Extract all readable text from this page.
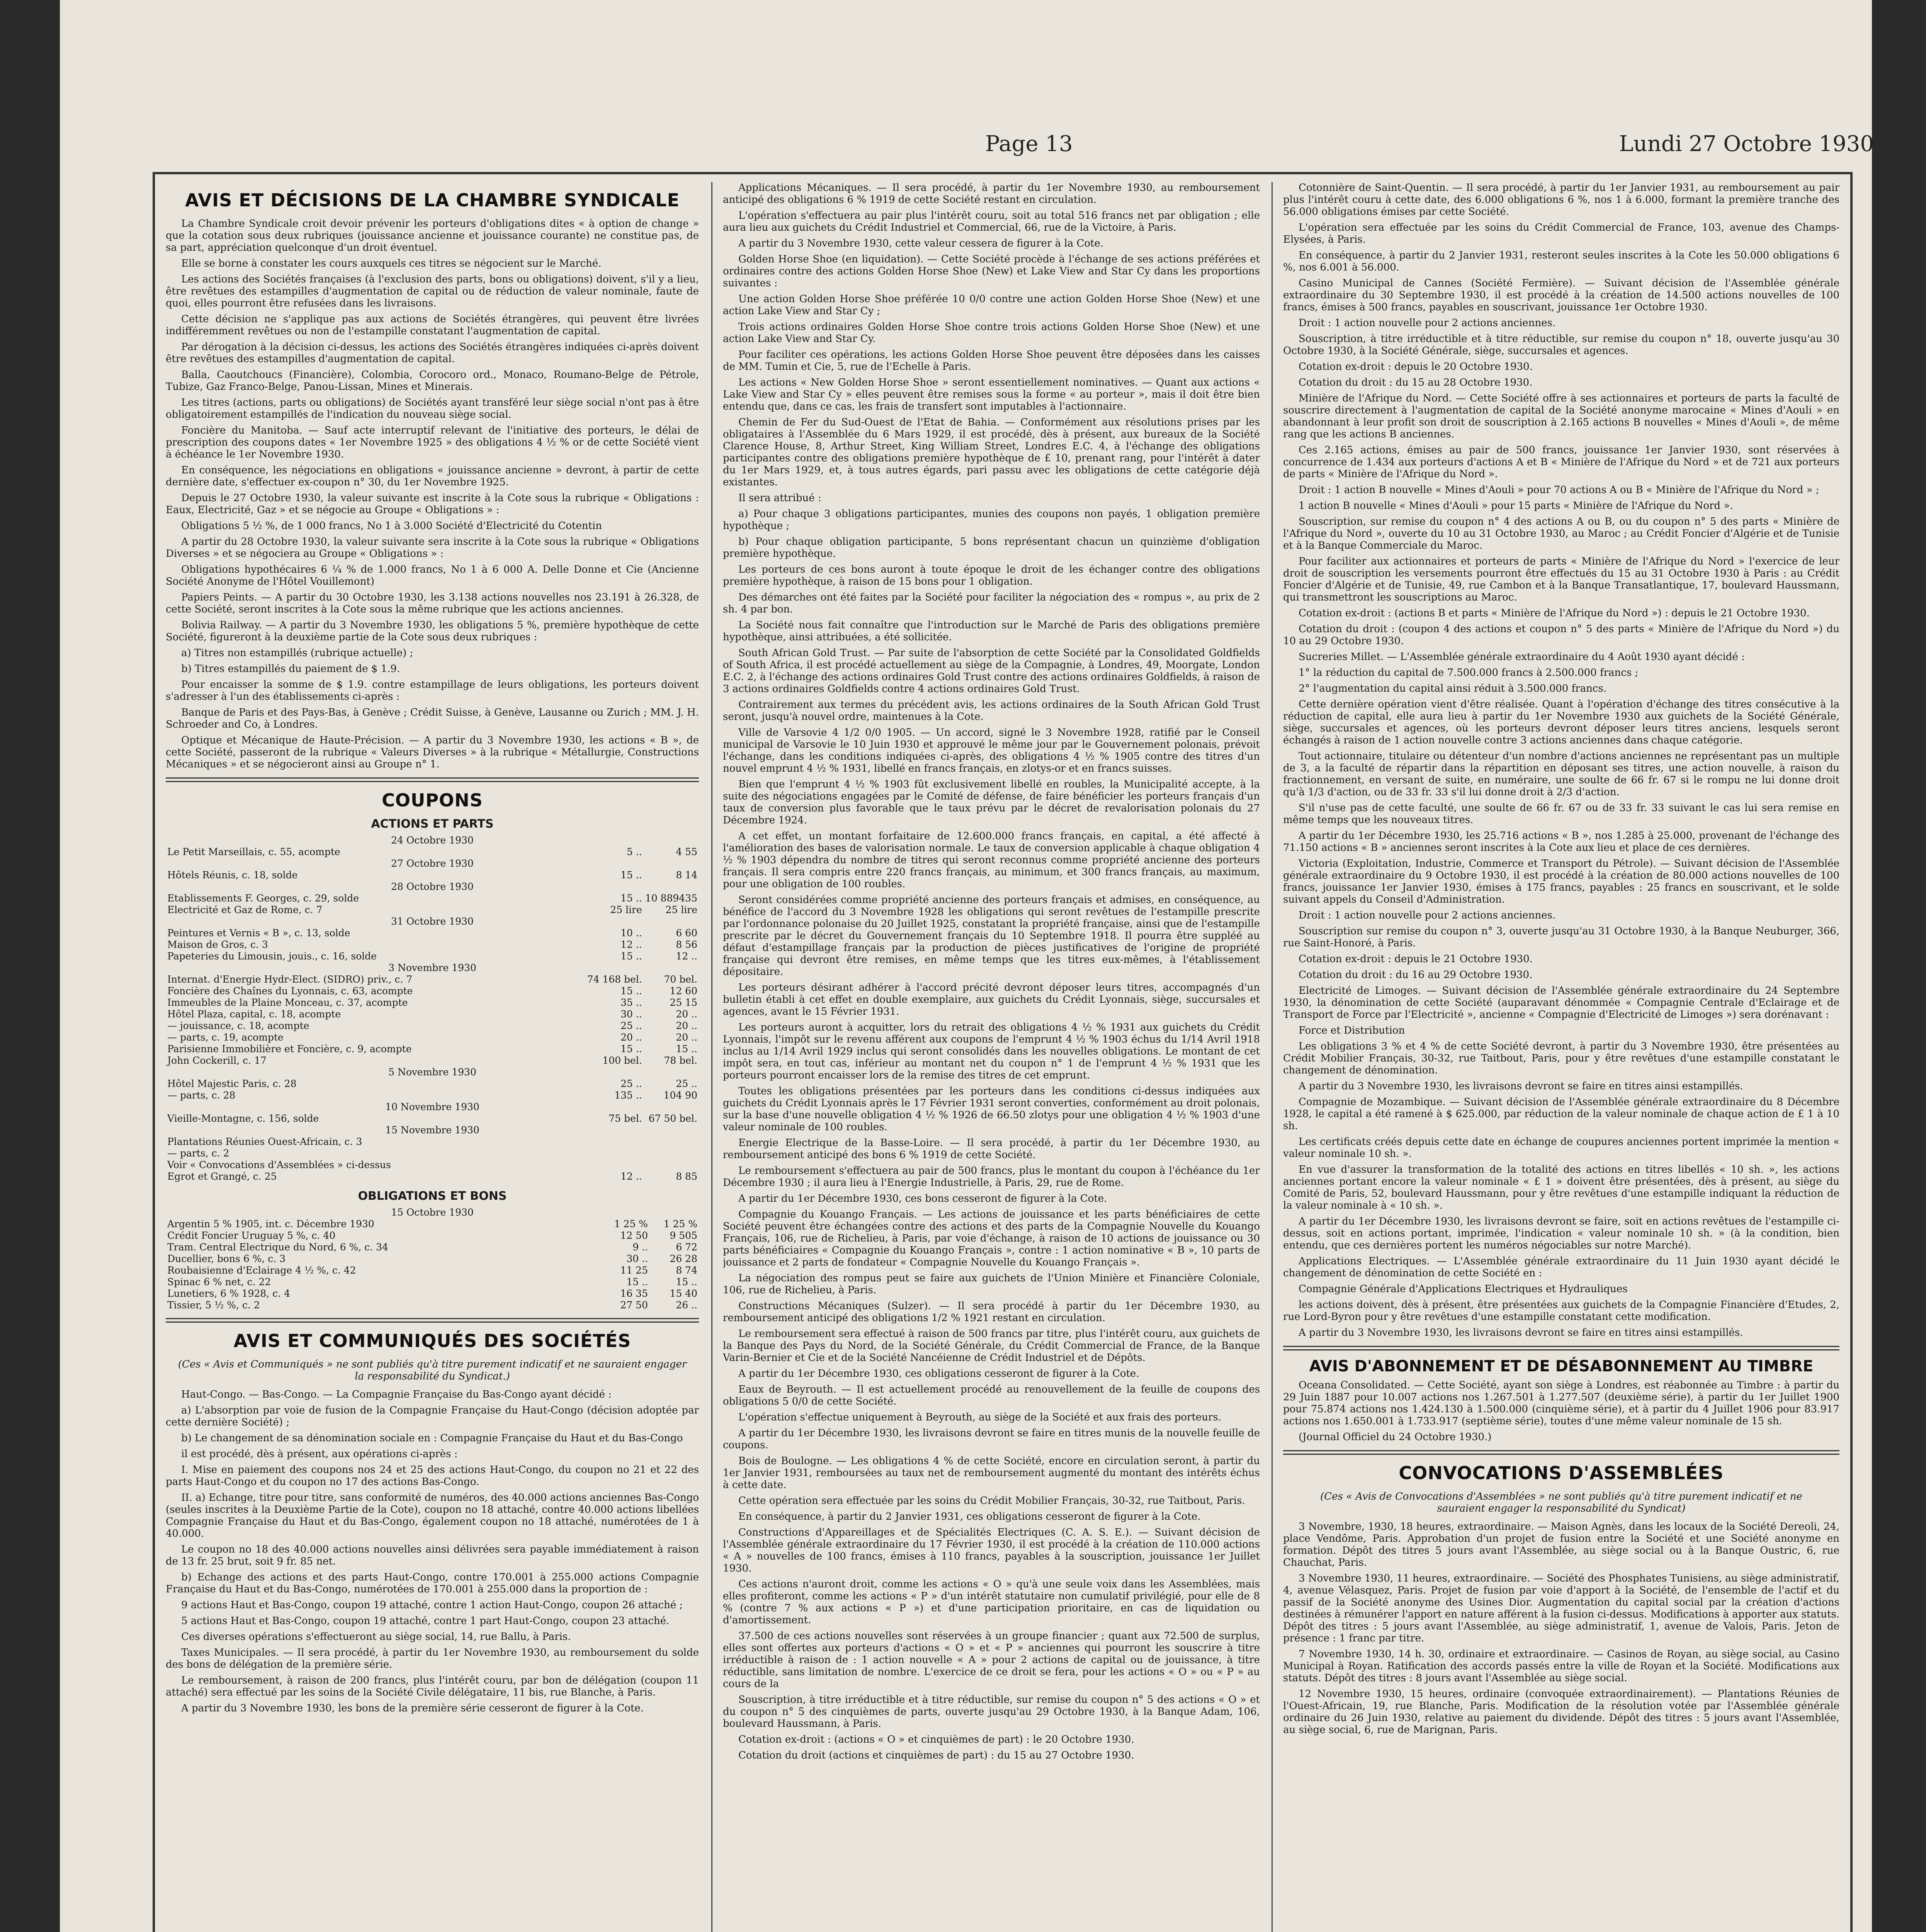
Page 13	Lundi 27 Octobre 1930
AVIS ET DÉCISIONS DE LA CHAMBRE SYNDICALE

La Chambre Syndicale croit devoir prévenir les porteurs d'obligations dites « à option de change » que la cotation sous deux rubriques (jouissance ancienne et jouissance courante) ne constitue pas, de sa part, appréciation quelconque d'un droit éventuel.

Elle se borne à constater les cours auxquels ces titres se négocient sur le Marché.

Les actions des Sociétés françaises (à l'exclusion des parts, bons ou obligations) doivent, s'il y a lieu, être revêtues des estampilles d'augmentation de capital ou de réduction de valeur nominale, faute de quoi, elles pourront être refusées dans les livraisons.

Cette décision ne s'applique pas aux actions de Sociétés étrangères, qui peuvent être livrées indifféremment revêtues ou non de l'estampille constatant l'augmentation de capital.

Par dérogation à la décision ci-dessus, les actions des Sociétés étrangères indiquées ci-après doivent être revêtues des estampilles d'augmentation de capital.

Balla, Caoutchoucs (Financière), Colombia, Corocoro ord., Monaco, Roumano-Belge de Pétrole, Tubize, Gaz Franco-Belge, Panou-Lissan, Mines et Minerais.

Les titres (actions, parts ou obligations) de Sociétés ayant transféré leur siège social n'ont pas à être obligatoirement estampillés de l'indication du nouveau siège social.

Foncière du Manitoba. — Sauf acte interruptif relevant de l'initiative des porteurs, le délai de prescription des coupons dates « 1er Novembre 1925 » des obligations 4 ½ % or de cette Société vient à échéance le 1er Novembre 1930.

En conséquence, les négociations en obligations « jouissance ancienne » devront, à partir de cette dernière date, s'effectuer ex-coupon n° 30, du 1er Novembre 1925.

Depuis le 27 Octobre 1930, la valeur suivante est inscrite à la Cote sous la rubrique « Obligations : Eaux, Electricité, Gaz » et se négocie au Groupe « Obligations » :

Obligations 5 ½ %, de 1 000 francs, No 1 à 3.000 Société d'Electricité du Cotentin

A partir du 28 Octobre 1930, la valeur suivante sera inscrite à la Cote sous la rubrique « Obligations Diverses » et se négociera au Groupe « Obligations » :

Obligations hypothécaires 6 ¼ % de 1.000 francs, No 1 à 6 000 A. Delle Donne et Cie (Ancienne Société Anonyme de l'Hôtel Vouillemont)

Papiers Peints. — A partir du 30 Octobre 1930, les 3.138 actions nouvelles nos 23.191 à 26.328, de cette Société, seront inscrites à la Cote sous la même rubrique que les actions anciennes.

Bolivia Railway. — A partir du 3 Novembre 1930, les obligations 5 %, première hypothèque de cette Société, figureront à la deuxième partie de la Cote sous deux rubriques :

a) Titres non estampillés (rubrique actuelle) ;

b) Titres estampillés du paiement de $ 1.9.

Pour encaisser la somme de $ 1.9. contre estampillage de leurs obligations, les porteurs doivent s'adresser à l'un des établissements ci-après :

Banque de Paris et des Pays-Bas, à Genève ; Crédit Suisse, à Genève, Lausanne ou Zurich ; MM. J. H. Schroeder and Co, à Londres.

Optique et Mécanique de Haute-Précision. — A partir du 3 Novembre 1930, les actions « B », de cette Société, passeront de la rubrique « Valeurs Diverses » à la rubrique « Métallurgie, Constructions Mécaniques » et se négocieront ainsi au Groupe n° 1.

COUPONS
ACTIONS ET PARTS
24 Octobre 1930		
Le Petit Marseillais, c. 55, acompte	5 ..	4 55
27 Octobre 1930		
Hôtels Réunis, c. 18, solde	15 ..	8 14
28 Octobre 1930		
Etablissements F. Georges, c. 29, solde	15 ..	10 889435
Electricité et Gaz de Rome, c. 7	25 lire	25 lire
31 Octobre 1930		
Peintures et Vernis « B », c. 13, solde	10 ..	6 60
Maison de Gros, c. 3	12 ..	8 56
Papeteries du Limousin, jouis., c. 16, solde	15 ..	12 ..
3 Novembre 1930		
Internat. d'Energie Hydr-Elect. (SIDRO) priv., c. 7	74 168 bel.	70 bel.
Foncière des Chaînes du Lyonnais, c. 63, acompte	15 ..	12 60
Immeubles de la Plaine Monceau, c. 37, acompte	35 ..	25 15
Hôtel Plaza, capital, c. 18, acompte	30 ..	20 ..
— jouissance, c. 18, acompte	25 ..	20 ..
— parts, c. 19, acompte	20 ..	20 ..
Parisienne Immobilière et Foncière, c. 9, acompte	15 ..	15 ..
John Cockerill, c. 17	100 bel.	78 bel.
5 Novembre 1930		
Hôtel Majestic Paris, c. 28	25 ..	25 ..
— parts, c. 28	135 ..	104 90
10 Novembre 1930		
Vieille-Montagne, c. 156, solde	75 bel.	67 50 bel.
15 Novembre 1930		
Plantations Réunies Ouest-Africain, c. 3		
— parts, c. 2		
Voir « Convocations d'Assemblées » ci-dessus		
Egrot et Grangé, c. 25	12 ..	8 85
OBLIGATIONS ET BONS
15 Octobre 1930		
Argentin 5 % 1905, int. c. Décembre 1930	1 25 %	1 25 %
Crédit Foncier Uruguay 5 %, c. 40	12 50	9 505
Tram. Central Electrique du Nord, 6 %, c. 34	9 ..	6 72
Ducellier, bons 6 %, c. 3	30 ..	26 28
Roubaisienne d'Eclairage 4 ½ %, c. 42	11 25	8 74
Spinac 6 % net, c. 22	15 ..	15 ..
Lunetiers, 6 % 1928, c. 4	16 35	15 40
Tissier, 5 ½ %, c. 2	27 50	26 ..
AVIS ET COMMUNIQUÉS DES SOCIÉTÉS

(Ces « Avis et Communiqués » ne sont publiés qu'à titre purement indicatif et ne sauraient engager la responsabilité du Syndicat.)

Haut-Congo. — Bas-Congo. — La Compagnie Française du Bas-Congo ayant décidé :

a) L'absorption par voie de fusion de la Compagnie Française du Haut-Congo (décision adoptée par cette dernière Société) ;

b) Le changement de sa dénomination sociale en : Compagnie Française du Haut et du Bas-Congo

il est procédé, dès à présent, aux opérations ci-après :

I. Mise en paiement des coupons nos 24 et 25 des actions Haut-Congo, du coupon no 21 et 22 des parts Haut-Congo et du coupon no 17 des actions Bas-Congo.

II. a) Echange, titre pour titre, sans conformité de numéros, des 40.000 actions anciennes Bas-Congo (seules inscrites à la Deuxième Partie de la Cote), coupon no 18 attaché, contre 40.000 actions libellées Compagnie Française du Haut et du Bas-Congo, également coupon no 18 attaché, numérotées de 1 à 40.000.

Le coupon no 18 des 40.000 actions nouvelles ainsi délivrées sera payable immédiatement à raison de 13 fr. 25 brut, soit 9 fr. 85 net.

b) Echange des actions et des parts Haut-Congo, contre 170.001 à 255.000 actions Compagnie Française du Haut et du Bas-Congo, numérotées de 170.001 à 255.000 dans la proportion de :

9 actions Haut et Bas-Congo, coupon 19 attaché, contre 1 action Haut-Congo, coupon 26 attaché ;

5 actions Haut et Bas-Congo, coupon 19 attaché, contre 1 part Haut-Congo, coupon 23 attaché.

Ces diverses opérations s'effectueront au siège social, 14, rue Ballu, à Paris.

Taxes Municipales. — Il sera procédé, à partir du 1er Novembre 1930, au remboursement du solde des bons de délégation de la première série.

Le remboursement, à raison de 200 francs, plus l'intérêt couru, par bon de délégation (coupon 11 attaché) sera effectué par les soins de la Société Civile délégataire, 11 bis, rue Blanche, à Paris.

A partir du 3 Novembre 1930, les bons de la première série cesseront de figurer à la Cote.

Applications Mécaniques. — Il sera procédé, à partir du 1er Novembre 1930, au remboursement anticipé des obligations 6 % 1919 de cette Société restant en circulation.

L'opération s'effectuera au pair plus l'intérêt couru, soit au total 516 francs net par obligation ; elle aura lieu aux guichets du Crédit Industriel et Commercial, 66, rue de la Victoire, à Paris.

A partir du 3 Novembre 1930, cette valeur cessera de figurer à la Cote.

Golden Horse Shoe (en liquidation). — Cette Société procède à l'échange de ses actions préférées et ordinaires contre des actions Golden Horse Shoe (New) et Lake View and Star Cy dans les proportions suivantes :

Une action Golden Horse Shoe préférée 10 0/0 contre une action Golden Horse Shoe (New) et une action Lake View and Star Cy ;

Trois actions ordinaires Golden Horse Shoe contre trois actions Golden Horse Shoe (New) et une action Lake View and Star Cy.

Pour faciliter ces opérations, les actions Golden Horse Shoe peuvent être déposées dans les caisses de MM. Tumin et Cie, 5, rue de l'Echelle à Paris.

Les actions « New Golden Horse Shoe » seront essentiellement nominatives. — Quant aux actions « Lake View and Star Cy » elles peuvent être remises sous la forme « au porteur », mais il doit être bien entendu que, dans ce cas, les frais de transfert sont imputables à l'actionnaire.

Chemin de Fer du Sud-Ouest de l'Etat de Bahia. — Conformément aux résolutions prises par les obligataires à l'Assemblée du 6 Mars 1929, il est procédé, dès à présent, aux bureaux de la Société Clarence House, 8, Arthur Street, King William Street, Londres E.C. 4, à l'échange des obligations participantes contre des obligations première hypothèque de £ 10, prenant rang, pour l'intérêt à dater du 1er Mars 1929, et, à tous autres égards, pari passu avec les obligations de cette catégorie déjà existantes.

Il sera attribué :

a) Pour chaque 3 obligations participantes, munies des coupons non payés, 1 obligation première hypothèque ;

b) Pour chaque obligation participante, 5 bons représentant chacun un quinzième d'obligation première hypothèque.

Les porteurs de ces bons auront à toute époque le droit de les échanger contre des obligations première hypothèque, à raison de 15 bons pour 1 obligation.

Des démarches ont été faites par la Société pour faciliter la négociation des « rompus », au prix de 2 sh. 4 par bon.

La Société nous fait connaître que l'introduction sur le Marché de Paris des obligations première hypothèque, ainsi attribuées, a été sollicitée.

South African Gold Trust. — Par suite de l'absorption de cette Société par la Consolidated Goldfields of South Africa, il est procédé actuellement au siège de la Compagnie, à Londres, 49, Moorgate, London E.C. 2, à l'échange des actions ordinaires Gold Trust contre des actions ordinaires Goldfields, à raison de 3 actions ordinaires Goldfields contre 4 actions ordinaires Gold Trust.

Contrairement aux termes du précédent avis, les actions ordinaires de la South African Gold Trust seront, jusqu'à nouvel ordre, maintenues à la Cote.

Ville de Varsovie 4 1/2 0/0 1905. — Un accord, signé le 3 Novembre 1928, ratifié par le Conseil municipal de Varsovie le 10 Juin 1930 et approuvé le même jour par le Gouvernement polonais, prévoit l'échange, dans les conditions indiquées ci-après, des obligations 4 ½ % 1905 contre des titres d'un nouvel emprunt 4 ½ % 1931, libellé en francs français, en zlotys-or et en francs suisses.

Bien que l'emprunt 4 ½ % 1903 fût exclusivement libellé en roubles, la Municipalité accepte, à la suite des négociations engagées par le Comité de défense, de faire bénéficier les porteurs français d'un taux de conversion plus favorable que le taux prévu par le décret de revalorisation polonais du 27 Décembre 1924.

A cet effet, un montant forfaitaire de 12.600.000 francs français, en capital, a été affecté à l'amélioration des bases de valorisation normale. Le taux de conversion applicable à chaque obligation 4 ½ % 1903 dépendra du nombre de titres qui seront reconnus comme propriété ancienne des porteurs français. Il sera compris entre 220 francs français, au minimum, et 300 francs français, au maximum, pour une obligation de 100 roubles.

Seront considérées comme propriété ancienne des porteurs français et admises, en conséquence, au bénéfice de l'accord du 3 Novembre 1928 les obligations qui seront revêtues de l'estampille prescrite par l'ordonnance polonaise du 20 Juillet 1925, constatant la propriété française, ainsi que de l'estampille prescrite par le décret du Gouvernement français du 10 Septembre 1918. Il pourra être suppléé au défaut d'estampillage français par la production de pièces justificatives de l'origine de propriété française qui devront être remises, en même temps que les titres eux-mêmes, à l'établissement dépositaire.

Les porteurs désirant adhérer à l'accord précité devront déposer leurs titres, accompagnés d'un bulletin établi à cet effet en double exemplaire, aux guichets du Crédit Lyonnais, siège, succursales et agences, avant le 15 Février 1931.

Les porteurs auront à acquitter, lors du retrait des obligations 4 ½ % 1931 aux guichets du Crédit Lyonnais, l'impôt sur le revenu afférent aux coupons de l'emprunt 4 ½ % 1903 échus du 1/14 Avril 1918 inclus au 1/14 Avril 1929 inclus qui seront consolidés dans les nouvelles obligations. Le montant de cet impôt sera, en tout cas, inférieur au montant net du coupon n° 1 de l'emprunt 4 ½ % 1931 que les porteurs pourront encaisser lors de la remise des titres de cet emprunt.

Toutes les obligations présentées par les porteurs dans les conditions ci-dessus indiquées aux guichets du Crédit Lyonnais après le 17 Février 1931 seront converties, conformément au droit polonais, sur la base d'une nouvelle obligation 4 ½ % 1926 de 66.50 zlotys pour une obligation 4 ½ % 1903 d'une valeur nominale de 100 roubles.

Energie Electrique de la Basse-Loire. — Il sera procédé, à partir du 1er Décembre 1930, au remboursement anticipé des bons 6 % 1919 de cette Société.

Le remboursement s'effectuera au pair de 500 francs, plus le montant du coupon à l'échéance du 1er Décembre 1930 ; il aura lieu à l'Energie Industrielle, à Paris, 29, rue de Rome.

A partir du 1er Décembre 1930, ces bons cesseront de figurer à la Cote.

Compagnie du Kouango Français. — Les actions de jouissance et les parts bénéficiaires de cette Société peuvent être échangées contre des actions et des parts de la Compagnie Nouvelle du Kouango Français, 106, rue de Richelieu, à Paris, par voie d'échange, à raison de 10 actions de jouissance ou 30 parts bénéficiaires « Compagnie du Kouango Français », contre : 1 action nominative « B », 10 parts de jouissance et 2 parts de fondateur « Compagnie Nouvelle du Kouango Français ».

La négociation des rompus peut se faire aux guichets de l'Union Minière et Financière Coloniale, 106, rue de Richelieu, à Paris.

Constructions Mécaniques (Sulzer). — Il sera procédé à partir du 1er Décembre 1930, au remboursement anticipé des obligations 1/2 % 1921 restant en circulation.

Le remboursement sera effectué à raison de 500 francs par titre, plus l'intérêt couru, aux guichets de la Banque des Pays du Nord, de la Société Générale, du Crédit Commercial de France, de la Banque Varin-Bernier et Cie et de la Société Nancéienne de Crédit Industriel et de Dépôts.

A partir du 1er Décembre 1930, ces obligations cesseront de figurer à la Cote.

Eaux de Beyrouth. — Il est actuellement procédé au renouvellement de la feuille de coupons des obligations 5 0/0 de cette Société.

L'opération s'effectue uniquement à Beyrouth, au siège de la Société et aux frais des porteurs.

A partir du 1er Décembre 1930, les livraisons devront se faire en titres munis de la nouvelle feuille de coupons.

Bois de Boulogne. — Les obligations 4 % de cette Société, encore en circulation seront, à partir du 1er Janvier 1931, remboursées au taux net de remboursement augmenté du montant des intérêts échus à cette date.

Cette opération sera effectuée par les soins du Crédit Mobilier Français, 30-32, rue Taitbout, Paris.

En conséquence, à partir du 2 Janvier 1931, ces obligations cesseront de figurer à la Cote.

Constructions d'Appareillages et de Spécialités Electriques (C. A. S. E.). — Suivant décision de l'Assemblée générale extraordinaire du 17 Février 1930, il est procédé à la création de 110.000 actions « A » nouvelles de 100 francs, émises à 110 francs, payables à la souscription, jouissance 1er Juillet 1930.

Ces actions n'auront droit, comme les actions « O » qu'à une seule voix dans les Assemblées, mais elles profiteront, comme les actions « P » d'un intérêt statutaire non cumulatif privilégié, pour elle de 8 % (contre 7 % aux actions « P ») et d'une participation prioritaire, en cas de liquidation ou d'amortissement.

37.500 de ces actions nouvelles sont réservées à un groupe financier ; quant aux 72.500 de surplus, elles sont offertes aux porteurs d'actions « O » et « P » anciennes qui pourront les souscrire à titre irréductible à raison de : 1 action nouvelle « A » pour 2 actions de capital ou de jouissance, à titre réductible, sans limitation de nombre. L'exercice de ce droit se fera, pour les actions « O » ou « P » au cours de la

Souscription, à titre irréductible et à titre réductible, sur remise du coupon n° 5 des actions « O » et du coupon n° 5 des cinquièmes de parts, ouverte jusqu'au 29 Octobre 1930, à la Banque Adam, 106, boulevard Haussmann, à Paris.

Cotation ex-droit : (actions « O » et cinquièmes de part) : le 20 Octobre 1930.

Cotation du droit (actions et cinquièmes de part) : du 15 au 27 Octobre 1930.

Cotonnière de Saint-Quentin. — Il sera procédé, à partir du 1er Janvier 1931, au remboursement au pair plus l'intérêt couru à cette date, des 6.000 obligations 6 %, nos 1 à 6.000, formant la première tranche des 56.000 obligations émises par cette Société.

L'opération sera effectuée par les soins du Crédit Commercial de France, 103, avenue des Champs-Elysées, à Paris.

En conséquence, à partir du 2 Janvier 1931, resteront seules inscrites à la Cote les 50.000 obligations 6 %, nos 6.001 à 56.000.

Casino Municipal de Cannes (Société Fermière). — Suivant décision de l'Assemblée générale extraordinaire du 30 Septembre 1930, il est procédé à la création de 14.500 actions nouvelles de 100 francs, émises à 500 francs, payables en souscrivant, jouissance 1er Octobre 1930.

Droit : 1 action nouvelle pour 2 actions anciennes.

Souscription, à titre irréductible et à titre réductible, sur remise du coupon n° 18, ouverte jusqu'au 30 Octobre 1930, à la Société Générale, siège, succursales et agences.

Cotation ex-droit : depuis le 20 Octobre 1930.

Cotation du droit : du 15 au 28 Octobre 1930.

Minière de l'Afrique du Nord. — Cette Société offre à ses actionnaires et porteurs de parts la faculté de souscrire directement à l'augmentation de capital de la Société anonyme marocaine « Mines d'Aouli » en abandonnant à leur profit son droit de souscription à 2.165 actions B nouvelles « Mines d'Aouli », de même rang que les actions B anciennes.

Ces 2.165 actions, émises au pair de 500 francs, jouissance 1er Janvier 1930, sont réservées à concurrence de 1.434 aux porteurs d'actions A et B « Minière de l'Afrique du Nord » et de 721 aux porteurs de parts « Minière de l'Afrique du Nord ».

Droit : 1 action B nouvelle « Mines d'Aouli » pour 70 actions A ou B « Minière de l'Afrique du Nord » ;

1 action B nouvelle « Mines d'Aouli » pour 15 parts « Minière de l'Afrique du Nord ».

Souscription, sur remise du coupon n° 4 des actions A ou B, ou du coupon n° 5 des parts « Minière de l'Afrique du Nord », ouverte du 10 au 31 Octobre 1930, au Maroc ; au Crédit Foncier d'Algérie et de Tunisie et à la Banque Commerciale du Maroc.

Pour faciliter aux actionnaires et porteurs de parts « Minière de l'Afrique du Nord » l'exercice de leur droit de souscription les versements pourront être effectués du 15 au 31 Octobre 1930 à Paris : au Crédit Foncier d'Algérie et de Tunisie, 49, rue Cambon et à la Banque Transatlantique, 17, boulevard Haussmann, qui transmettront les souscriptions au Maroc.

Cotation ex-droit : (actions B et parts « Minière de l'Afrique du Nord ») : depuis le 21 Octobre 1930.

Cotation du droit : (coupon 4 des actions et coupon n° 5 des parts « Minière de l'Afrique du Nord ») du 10 au 29 Octobre 1930.

Sucreries Millet. — L'Assemblée générale extraordinaire du 4 Août 1930 ayant décidé :

1° la réduction du capital de 7.500.000 francs à 2.500.000 francs ;

2° l'augmentation du capital ainsi réduit à 3.500.000 francs.

Cette dernière opération vient d'être réalisée. Quant à l'opération d'échange des titres consécutive à la réduction de capital, elle aura lieu à partir du 1er Novembre 1930 aux guichets de la Société Générale, siège, succursales et agences, où les porteurs devront déposer leurs titres anciens, lesquels seront échangés à raison de 1 action nouvelle contre 3 actions anciennes dans chaque catégorie.

Tout actionnaire, titulaire ou détenteur d'un nombre d'actions anciennes ne représentant pas un multiple de 3, a la faculté de répartir dans la répartition en déposant ses titres, une action nouvelle, à raison du fractionnement, en versant de suite, en numéraire, une soulte de 66 fr. 67 si le rompu ne lui donne droit qu'à 1/3 d'action, ou de 33 fr. 33 s'il lui donne droit à 2/3 d'action.

S'il n'use pas de cette faculté, une soulte de 66 fr. 67 ou de 33 fr. 33 suivant le cas lui sera remise en même temps que les nouveaux titres.

A partir du 1er Décembre 1930, les 25.716 actions « B », nos 1.285 à 25.000, provenant de l'échange des 71.150 actions « B » anciennes seront inscrites à la Cote aux lieu et place de ces dernières.

Victoria (Exploitation, Industrie, Commerce et Transport du Pétrole). — Suivant décision de l'Assemblée générale extraordinaire du 9 Octobre 1930, il est procédé à la création de 80.000 actions nouvelles de 100 francs, jouissance 1er Janvier 1930, émises à 175 francs, payables : 25 francs en souscrivant, et le solde suivant appels du Conseil d'Administration.

Droit : 1 action nouvelle pour 2 actions anciennes.

Souscription sur remise du coupon n° 3, ouverte jusqu'au 31 Octobre 1930, à la Banque Neuburger, 366, rue Saint-Honoré, à Paris.

Cotation ex-droit : depuis le 21 Octobre 1930.

Cotation du droit : du 16 au 29 Octobre 1930.

Electricité de Limoges. — Suivant décision de l'Assemblée générale extraordinaire du 24 Septembre 1930, la dénomination de cette Société (auparavant dénommée « Compagnie Centrale d'Eclairage et de Transport de Force par l'Electricité », ancienne « Compagnie d'Electricité de Limoges ») sera dorénavant :

Force et Distribution

Les obligations 3 % et 4 % de cette Société devront, à partir du 3 Novembre 1930, être présentées au Crédit Mobilier Français, 30-32, rue Taitbout, Paris, pour y être revêtues d'une estampille constatant le changement de dénomination.

A partir du 3 Novembre 1930, les livraisons devront se faire en titres ainsi estampillés.

Compagnie de Mozambique. — Suivant décision de l'Assemblée générale extraordinaire du 8 Décembre 1928, le capital a été ramené à $ 625.000, par réduction de la valeur nominale de chaque action de £ 1 à 10 sh.

Les certificats créés depuis cette date en échange de coupures anciennes portent imprimée la mention « valeur nominale 10 sh. ».

En vue d'assurer la transformation de la totalité des actions en titres libellés « 10 sh. », les actions anciennes portant encore la valeur nominale « £ 1 » doivent être présentées, dès à présent, au siège du Comité de Paris, 52, boulevard Haussmann, pour y être revêtues d'une estampille indiquant la réduction de la valeur nominale à « 10 sh. ».

A partir du 1er Décembre 1930, les livraisons devront se faire, soit en actions revêtues de l'estampille ci-dessus, soit en actions portant, imprimée, l'indication « valeur nominale 10 sh. » (à la condition, bien entendu, que ces dernières portent les numéros négociables sur notre Marché).

Applications Electriques. — L'Assemblée générale extraordinaire du 11 Juin 1930 ayant décidé le changement de dénomination de cette Société en :

Compagnie Générale d'Applications Electriques et Hydrauliques

les actions doivent, dès à présent, être présentées aux guichets de la Compagnie Financière d'Etudes, 2, rue Lord-Byron pour y être revêtues d'une estampille constatant cette modification.

A partir du 3 Novembre 1930, les livraisons devront se faire en titres ainsi estampillés.

AVIS D'ABONNEMENT ET DE DÉSABONNEMENT AU TIMBRE

Oceana Consolidated. — Cette Société, ayant son siège à Londres, est réabonnée au Timbre : à partir du 29 Juin 1887 pour 10.007 actions nos 1.267.501 à 1.277.507 (deuxième série), à partir du 1er Juillet 1900 pour 75.874 actions nos 1.424.130 à 1.500.000 (cinquième série), et à partir du 4 Juillet 1906 pour 83.917 actions nos 1.650.001 à 1.733.917 (septième série), toutes d'une même valeur nominale de 15 sh.

(Journal Officiel du 24 Octobre 1930.)

CONVOCATIONS D'ASSEMBLÉES

(Ces « Avis de Convocations d'Assemblées » ne sont publiés qu'à titre purement indicatif et ne sauraient engager la responsabilité du Syndicat)

3 Novembre, 1930, 18 heures, extraordinaire. — Maison Agnès, dans les locaux de la Société Dereoli, 24, place Vendôme, Paris. Approbation d'un projet de fusion entre la Société et une Société anonyme en formation. Dépôt des titres 5 jours avant l'Assemblée, au siège social ou à la Banque Oustric, 6, rue Chauchat, Paris.

3 Novembre 1930, 11 heures, extraordinaire. — Société des Phosphates Tunisiens, au siège administratif, 4, avenue Vélasquez, Paris. Projet de fusion par voie d'apport à la Société, de l'ensemble de l'actif et du passif de la Société anonyme des Usines Dior. Augmentation du capital social par la création d'actions destinées à rémunérer l'apport en nature afférent à la fusion ci-dessus. Modifications à apporter aux statuts. Dépôt des titres : 5 jours avant l'Assemblée, au siège administratif, 1, avenue de Valois, Paris. Jeton de présence : 1 franc par titre.

7 Novembre 1930, 14 h. 30, ordinaire et extraordinaire. — Casinos de Royan, au siège social, au Casino Municipal à Royan. Ratification des accords passés entre la ville de Royan et la Société. Modifications aux statuts. Dépôt des titres : 8 jours avant l'Assemblée au siège social.

12 Novembre 1930, 15 heures, ordinaire (convoquée extraordinairement). — Plantations Réunies de l'Ouest-Africain, 19, rue Blanche, Paris. Modification de la résolution votée par l'Assemblée générale ordinaire du 26 Juin 1930, relative au paiement du dividende. Dépôt des titres : 5 jours avant l'Assemblée, au siège social, 6, rue de Marignan, Paris.
